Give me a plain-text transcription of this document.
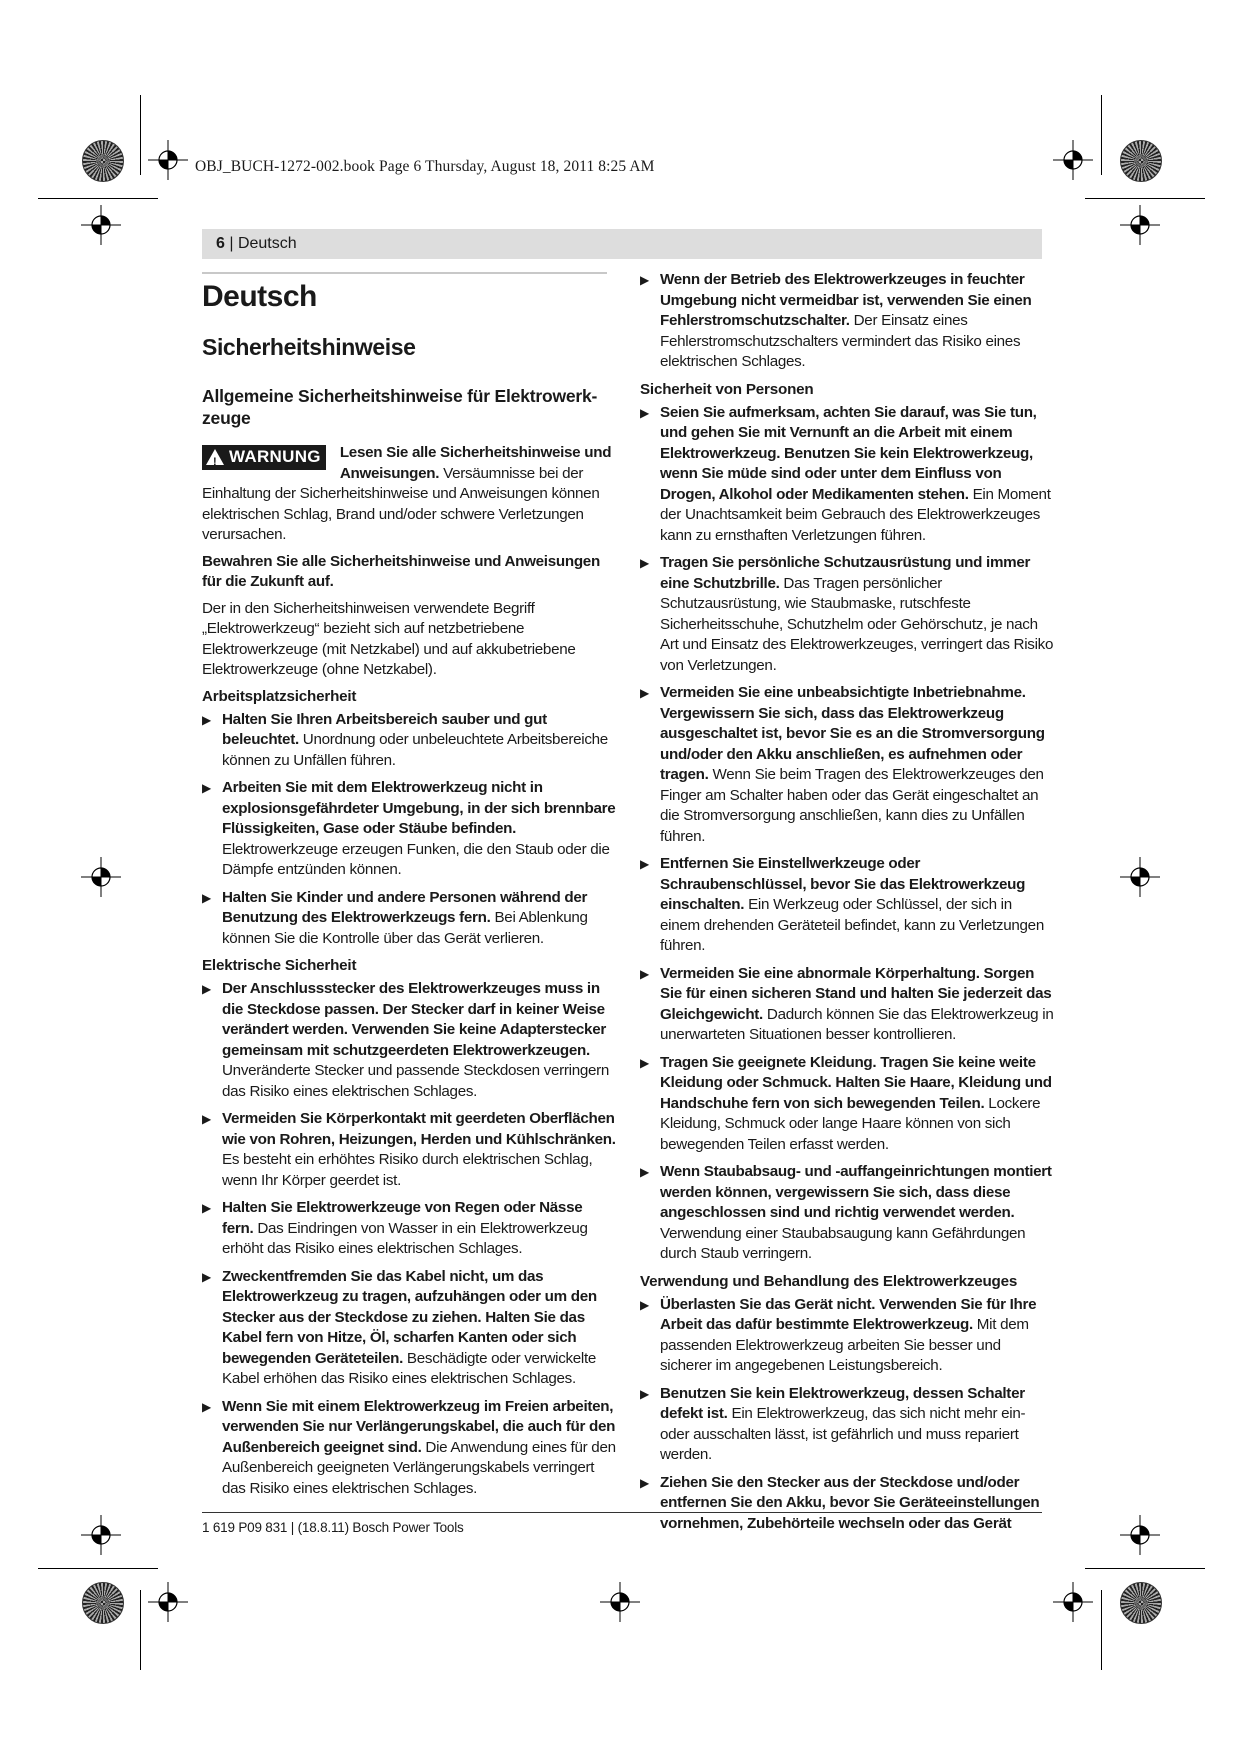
OBJ_BUCH-1272-002.book Page 6 Thursday, August 18, 2011 8:25 AM
6 | Deutsch
Deutsch
Sicherheitshinweise
Allgemeine Sicherheitshinweise für Elektrowerk-zeuge

! WARNUNG Lesen Sie alle Sicherheitshinweise und Anweisungen. Versäumnisse bei der Einhaltung der Sicherheitshinweise und Anweisungen können elektrischen Schlag, Brand und/oder schwere Verletzungen verursachen.

Bewahren Sie alle Sicherheitshinweise und Anweisungen für die Zukunft auf.

Der in den Sicherheitshinweisen verwendete Begriff „Elektrowerkzeug“ bezieht sich auf netzbetriebene Elektrowerkzeuge (mit Netzkabel) und auf akkubetriebene Elektrowerkzeuge (ohne Netzkabel).

Arbeitsplatzsicherheit
▶ Halten Sie Ihren Arbeitsbereich sauber und gut beleuchtet. Unordnung oder unbeleuchtete Arbeitsbereiche können zu Unfällen führen.
▶ Arbeiten Sie mit dem Elektrowerkzeug nicht in explosionsgefährdeter Umgebung, in der sich brennbare Flüssigkeiten, Gase oder Stäube befinden. Elektrowerkzeuge erzeugen Funken, die den Staub oder die Dämpfe entzünden können.
▶ Halten Sie Kinder und andere Personen während der Benutzung des Elektrowerkzeugs fern. Bei Ablenkung können Sie die Kontrolle über das Gerät verlieren.
Elektrische Sicherheit
▶ Der Anschlussstecker des Elektrowerkzeuges muss in die Steckdose passen. Der Stecker darf in keiner Weise verändert werden. Verwenden Sie keine Adapterstecker gemeinsam mit schutzgeerdeten Elektrowerkzeugen. Unveränderte Stecker und passende Steckdosen verringern das Risiko eines elektrischen Schlages.
▶ Vermeiden Sie Körperkontakt mit geerdeten Oberflächen wie von Rohren, Heizungen, Herden und Kühlschränken. Es besteht ein erhöhtes Risiko durch elektrischen Schlag, wenn Ihr Körper geerdet ist.
▶ Halten Sie Elektrowerkzeuge von Regen oder Nässe fern. Das Eindringen von Wasser in ein Elektrowerkzeug erhöht das Risiko eines elektrischen Schlages.
▶ Zweckentfremden Sie das Kabel nicht, um das Elektrowerkzeug zu tragen, aufzuhängen oder um den Stecker aus der Steckdose zu ziehen. Halten Sie das Kabel fern von Hitze, Öl, scharfen Kanten oder sich bewegenden Geräteteilen. Beschädigte oder verwickelte Kabel erhöhen das Risiko eines elektrischen Schlages.
▶ Wenn Sie mit einem Elektrowerkzeug im Freien arbeiten, verwenden Sie nur Verlängerungskabel, die auch für den Außenbereich geeignet sind. Die Anwendung eines für den Außenbereich geeigneten Verlängerungskabels verringert das Risiko eines elektrischen Schlages.
▶ Wenn der Betrieb des Elektrowerkzeuges in feuchter Umgebung nicht vermeidbar ist, verwenden Sie einen Fehlerstromschutzschalter. Der Einsatz eines Fehlerstromschutzschalters vermindert das Risiko eines elektrischen Schlages.
Sicherheit von Personen
▶ Seien Sie aufmerksam, achten Sie darauf, was Sie tun, und gehen Sie mit Vernunft an die Arbeit mit einem Elektrowerkzeug. Benutzen Sie kein Elektrowerkzeug, wenn Sie müde sind oder unter dem Einfluss von Drogen, Alkohol oder Medikamenten stehen. Ein Moment der Unachtsamkeit beim Gebrauch des Elektrowerkzeuges kann zu ernsthaften Verletzungen führen.
▶ Tragen Sie persönliche Schutzausrüstung und immer eine Schutzbrille. Das Tragen persönlicher Schutzausrüstung, wie Staubmaske, rutschfeste Sicherheitsschuhe, Schutzhelm oder Gehörschutz, je nach Art und Einsatz des Elektrowerkzeuges, verringert das Risiko von Verletzungen.
▶ Vermeiden Sie eine unbeabsichtigte Inbetriebnahme. Vergewissern Sie sich, dass das Elektrowerkzeug ausgeschaltet ist, bevor Sie es an die Stromversorgung und/oder den Akku anschließen, es aufnehmen oder tragen. Wenn Sie beim Tragen des Elektrowerkzeuges den Finger am Schalter haben oder das Gerät eingeschaltet an die Stromversorgung anschließen, kann dies zu Unfällen führen.
▶ Entfernen Sie Einstellwerkzeuge oder Schraubenschlüssel, bevor Sie das Elektrowerkzeug einschalten. Ein Werkzeug oder Schlüssel, der sich in einem drehenden Geräteteil befindet, kann zu Verletzungen führen.
▶ Vermeiden Sie eine abnormale Körperhaltung. Sorgen Sie für einen sicheren Stand und halten Sie jederzeit das Gleichgewicht. Dadurch können Sie das Elektrowerkzeug in unerwarteten Situationen besser kontrollieren.
▶ Tragen Sie geeignete Kleidung. Tragen Sie keine weite Kleidung oder Schmuck. Halten Sie Haare, Kleidung und Handschuhe fern von sich bewegenden Teilen. Lockere Kleidung, Schmuck oder lange Haare können von sich bewegenden Teilen erfasst werden.
▶ Wenn Staubabsaug- und -auffangeinrichtungen montiert werden können, vergewissern Sie sich, dass diese angeschlossen sind und richtig verwendet werden. Verwendung einer Staubabsaugung kann Gefährdungen durch Staub verringern.
Verwendung und Behandlung des Elektrowerkzeuges
▶ Überlasten Sie das Gerät nicht. Verwenden Sie für Ihre Arbeit das dafür bestimmte Elektrowerkzeug. Mit dem passenden Elektrowerkzeug arbeiten Sie besser und sicherer im angegebenen Leistungsbereich.
▶ Benutzen Sie kein Elektrowerkzeug, dessen Schalter defekt ist. Ein Elektrowerkzeug, das sich nicht mehr ein- oder ausschalten lässt, ist gefährlich und muss repariert werden.
▶ Ziehen Sie den Stecker aus der Steckdose und/oder entfernen Sie den Akku, bevor Sie Geräteeinstellungen vornehmen, Zubehörteile wechseln oder das Gerät
1 619 P09 831 | (18.8.11) Bosch Power Tools
